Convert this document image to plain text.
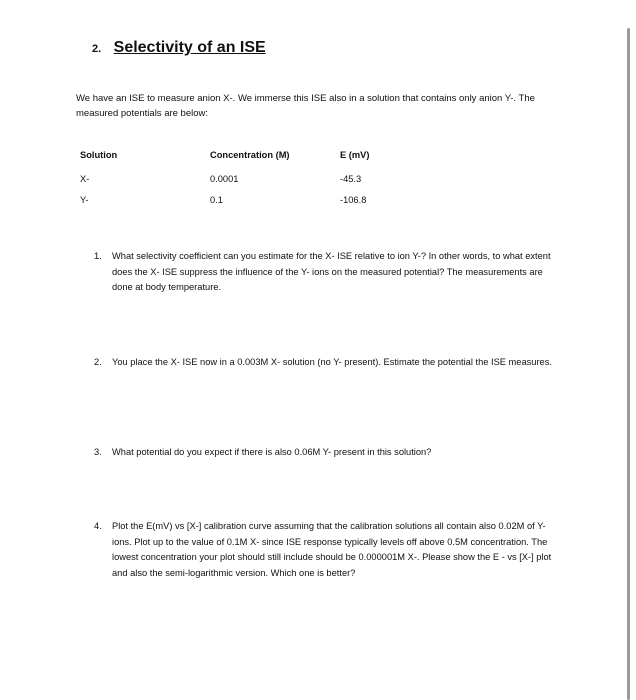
2. Selectivity of an ISE
We have an ISE to measure anion X-. We immerse this ISE also in a solution that contains only anion Y-. The measured potentials are below:
Solution	Concentration (M)	E (mV)
X-	0.0001	-45.3
Y-	0.1	-106.8
1.	What selectivity coefficient can you estimate for the X- ISE relative to ion Y-? In other words, to what extent does the X- ISE suppress the influence of the Y- ions on the measured potential? The measurements are done at body temperature.
2.	You place the X- ISE now in a 0.003M X- solution (no Y- present). Estimate the potential the ISE measures.
3.	What potential do you expect if there is also 0.06M Y- present in this solution?
4.	Plot the E(mV) vs [X-] calibration curve assuming that the calibration solutions all contain also 0.02M of Y- ions. Plot up to the value of 0.1M X- since ISE response typically levels off above 0.5M concentration. The lowest concentration your plot should still include should be 0.000001M X-. Please show the E - vs [X-] plot and also the semi-logarithmic version. Which one is better?
